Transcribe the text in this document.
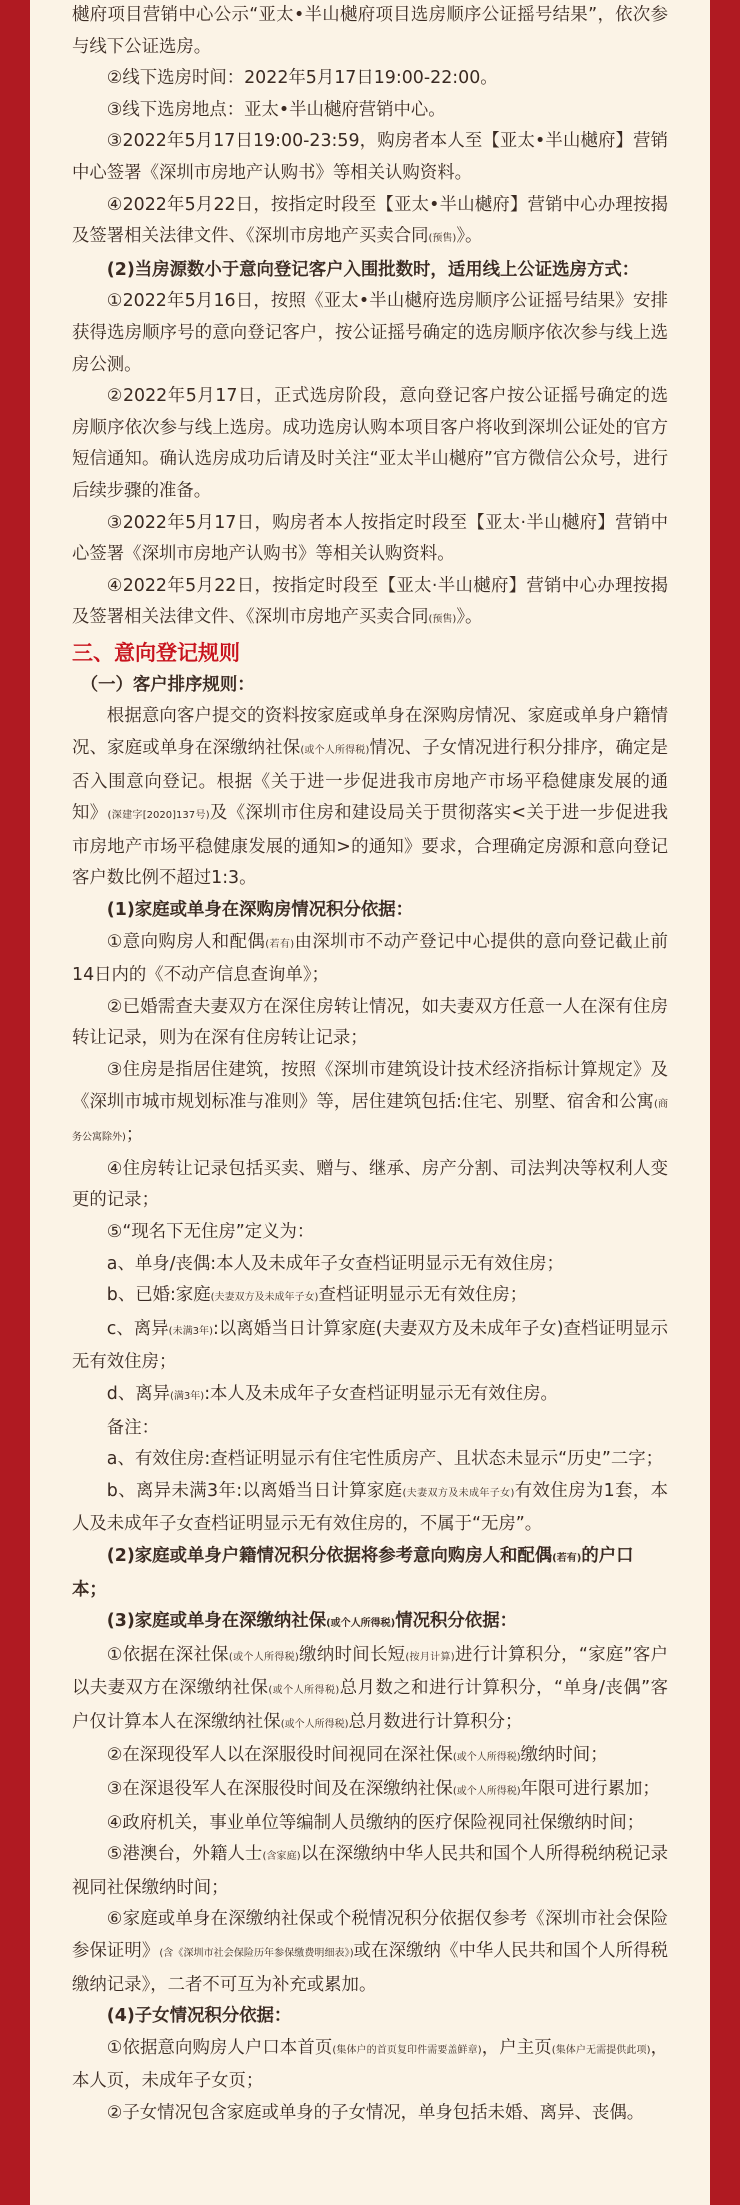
樾府项目营销中心公示“亚太•半山樾府项目选房顺序公证摇号结果”，依次参与线下公证选房。

②线下选房时间：2022年5月17日19:00-22:00。

③线下选房地点：亚太•半山樾府营销中心。

③2022年5月17日19:00-23:59，购房者本人至【亚太•半山樾府】营销中心签署《深圳市房地产认购书》等相关认购资料。

④2022年5月22日，按指定时段至【亚太•半山樾府】营销中心办理按揭及签署相关法律文件、《深圳市房地产买卖合同(预售)》。

(2)当房源数小于意向登记客户入围批数时，适用线上公证选房方式：

①2022年5月16日，按照《亚太•半山樾府选房顺序公证摇号结果》安排获得选房顺序号的意向登记客户，按公证摇号确定的选房顺序依次参与线上选房公测。

②2022年5月17日，正式选房阶段，意向登记客户按公证摇号确定的选房顺序依次参与线上选房。成功选房认购本项目客户将收到深圳公证处的官方短信通知。确认选房成功后请及时关注“亚太半山樾府”官方微信公众号，进行后续步骤的准备。

③2022年5月17日，购房者本人按指定时段至【亚太·半山樾府】营销中心签署《深圳市房地产认购书》等相关认购资料。

④2022年5月22日，按指定时段至【亚太·半山樾府】营销中心办理按揭及签署相关法律文件、《深圳市房地产买卖合同(预售)》。

三、意向登记规则

（一）客户排序规则：

根据意向客户提交的资料按家庭或单身在深购房情况、家庭或单身户籍情况、家庭或单身在深缴纳社保(或个人所得税)情况、子女情况进行积分排序，确定是否入围意向登记。根据《关于进一步促进我市房地产市场平稳健康发展的通知》(深建字[2020]137号)及《深圳市住房和建设局关于贯彻落实<关于进一步促进我市房地产市场平稳健康发展的通知>的通知》要求，合理确定房源和意向登记客户数比例不超过1:3。

(1)家庭或单身在深购房情况积分依据：

①意向购房人和配偶(若有)由深圳市不动产登记中心提供的意向登记截止前14日内的《不动产信息查询单》；

②已婚需查夫妻双方在深住房转让情况，如夫妻双方任意一人在深有住房转让记录，则为在深有住房转让记录；

③住房是指居住建筑，按照《深圳市建筑设计技术经济指标计算规定》及《深圳市城市规划标准与准则》等，居住建筑包括:住宅、别墅、宿舍和公寓(商务公寓除外)；

④住房转让记录包括买卖、赠与、继承、房产分割、司法判决等权利人变更的记录；

⑤“现名下无住房”定义为：

a、单身/丧偶:本人及未成年子女查档证明显示无有效住房；

b、已婚:家庭(夫妻双方及未成年子女)查档证明显示无有效住房；

c、离异(未满3年):以离婚当日计算家庭(夫妻双方及未成年子女)查档证明显示无有效住房；

d、离异(满3年):本人及未成年子女查档证明显示无有效住房。

备注：

a、有效住房:查档证明显示有住宅性质房产、且状态未显示“历史”二字；

b、离异未满3年:以离婚当日计算家庭(夫妻双方及未成年子女)有效住房为1套，本人及未成年子女查档证明显示无有效住房的，不属于“无房”。

(2)家庭或单身户籍情况积分依据将参考意向购房人和配偶(若有)的户口本；

(3)家庭或单身在深缴纳社保(或个人所得税)情况积分依据：

①依据在深社保(或个人所得税)缴纳时间长短(按月计算)进行计算积分，“家庭”客户以夫妻双方在深缴纳社保(或个人所得税)总月数之和进行计算积分，“单身/丧偶”客户仅计算本人在深缴纳社保(或个人所得税)总月数进行计算积分；

②在深现役军人以在深服役时间视同在深社保(或个人所得税)缴纳时间；

③在深退役军人在深服役时间及在深缴纳社保(或个人所得税)年限可进行累加；

④政府机关，事业单位等编制人员缴纳的医疗保险视同社保缴纳时间；

⑤港澳台，外籍人士(含家庭)以在深缴纳中华人民共和国个人所得税纳税记录视同社保缴纳时间；

⑥家庭或单身在深缴纳社保或个税情况积分依据仅参考《深圳市社会保险参保证明》(含《深圳市社会保险历年参保缴费明细表》)或在深缴纳《中华人民共和国个人所得税缴纳记录》，二者不可互为补充或累加。

(4)子女情况积分依据：

①依据意向购房人户口本首页(集体户的首页复印件需要盖鲜章)，户主页(集体户无需提供此项)，本人页，未成年子女页；

②子女情况包含家庭或单身的子女情况，单身包括未婚、离异、丧偶。
